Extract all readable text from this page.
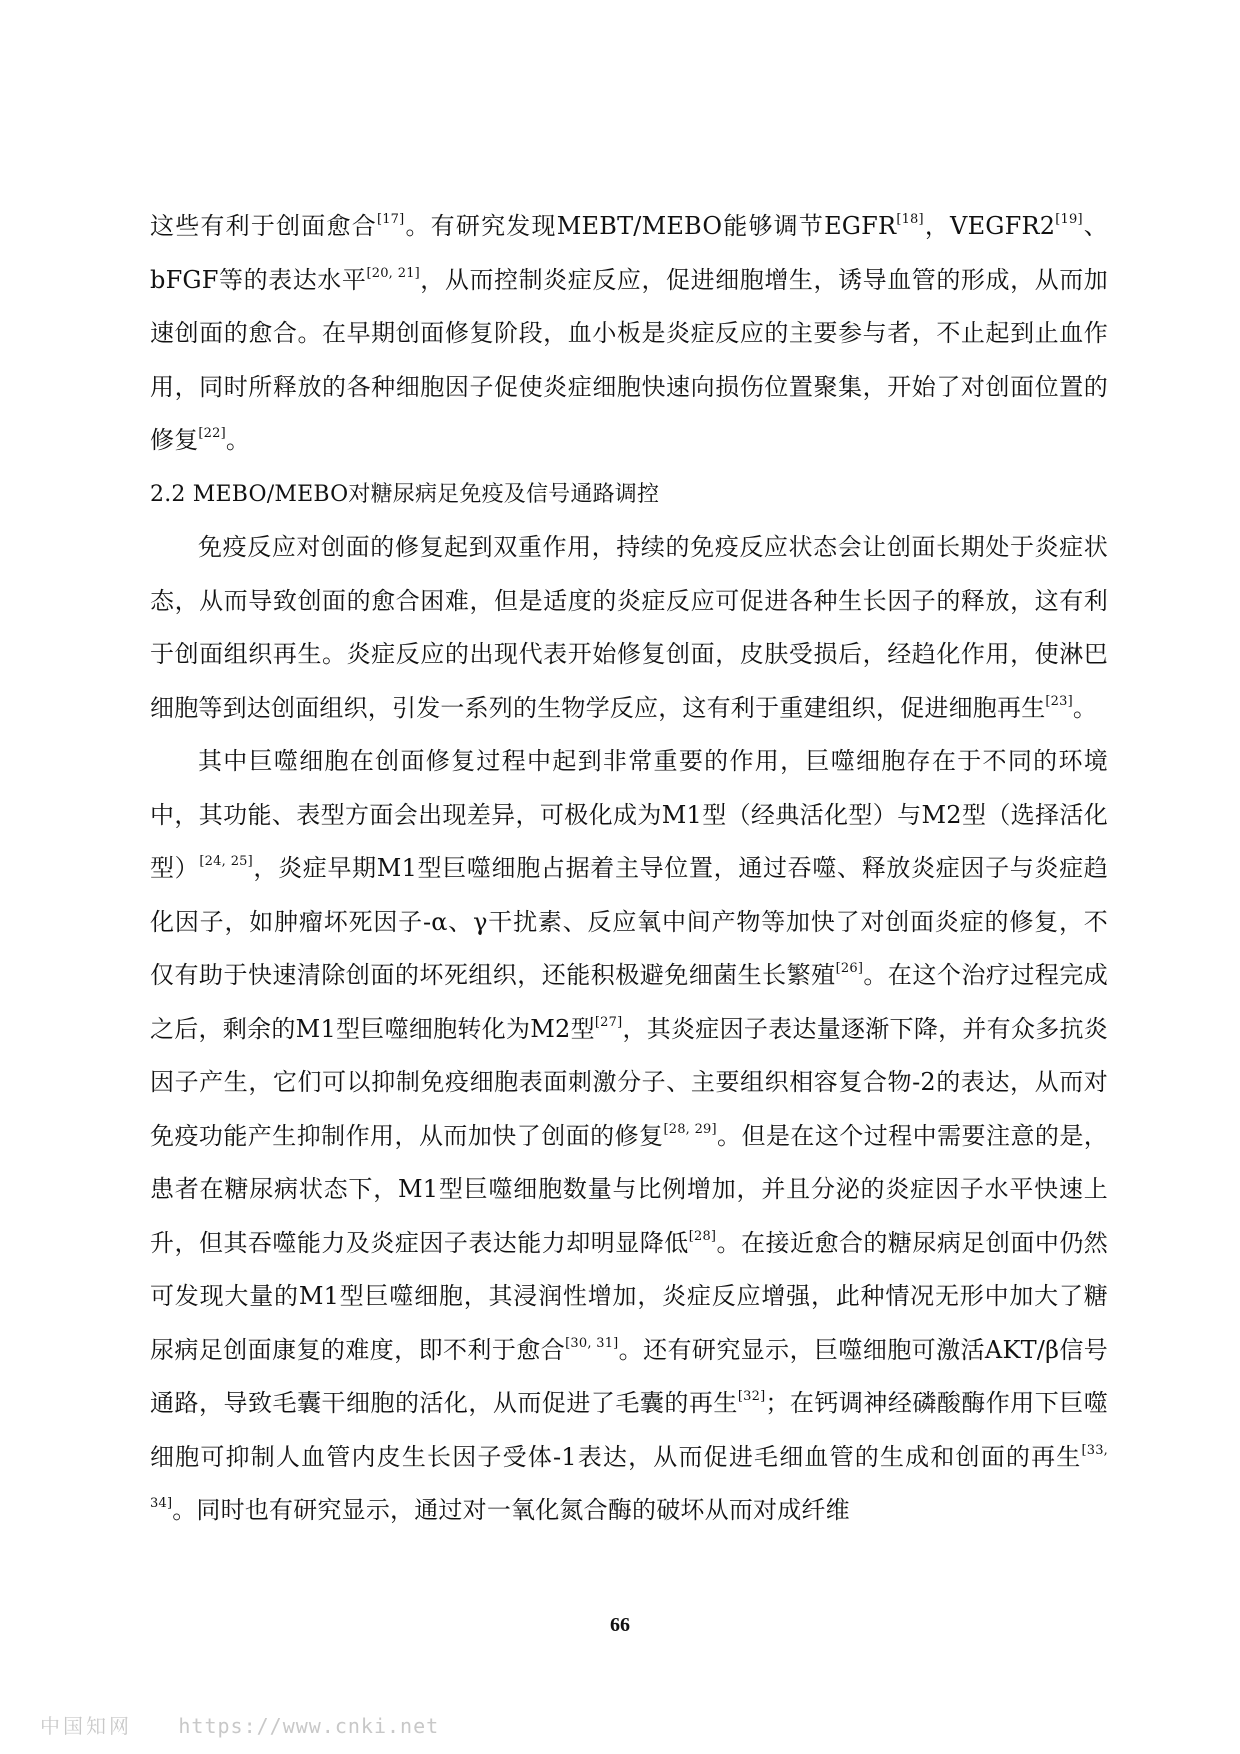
这些有利于创面愈合[17]。有研究发现MEBT/MEBO能够调节EGFR[18]，VEGFR2[19]、bFGF等的表达水平[20, 21]，从而控制炎症反应，促进细胞增生，诱导血管的形成，从而加速创面的愈合。在早期创面修复阶段，血小板是炎症反应的主要参与者，不止起到止血作用，同时所释放的各种细胞因子促使炎症细胞快速向损伤位置聚集，开始了对创面位置的修复[22]。

2.2 MEBO/MEBO对糖尿病足免疫及信号通路调控

免疫反应对创面的修复起到双重作用，持续的免疫反应状态会让创面长期处于炎症状态，从而导致创面的愈合困难，但是适度的炎症反应可促进各种生长因子的释放，这有利于创面组织再生。炎症反应的出现代表开始修复创面，皮肤受损后，经趋化作用，使淋巴细胞等到达创面组织，引发一系列的生物学反应，这有利于重建组织，促进细胞再生[23]。

其中巨噬细胞在创面修复过程中起到非常重要的作用，巨噬细胞存在于不同的环境中，其功能、表型方面会出现差异，可极化成为M1型（经典活化型）与M2型（选择活化型）[24, 25]，炎症早期M1型巨噬细胞占据着主导位置，通过吞噬、释放炎症因子与炎症趋化因子，如肿瘤坏死因子-α、γ干扰素、反应氧中间产物等加快了对创面炎症的修复，不仅有助于快速清除创面的坏死组织，还能积极避免细菌生长繁殖[26]。在这个治疗过程完成之后，剩余的M1型巨噬细胞转化为M2型[27]，其炎症因子表达量逐渐下降，并有众多抗炎因子产生，它们可以抑制免疫细胞表面刺激分子、主要组织相容复合物-2的表达，从而对免疫功能产生抑制作用，从而加快了创面的修复[28, 29]。但是在这个过程中需要注意的是，患者在糖尿病状态下，M1型巨噬细胞数量与比例增加，并且分泌的炎症因子水平快速上升，但其吞噬能力及炎症因子表达能力却明显降低[28]。在接近愈合的糖尿病足创面中仍然可发现大量的M1型巨噬细胞，其浸润性增加，炎症反应增强，此种情况无形中加大了糖尿病足创面康复的难度，即不利于愈合[30, 31]。还有研究显示，巨噬细胞可激活AKT/β信号通路，导致毛囊干细胞的活化，从而促进了毛囊的再生[32]；在钙调神经磷酸酶作用下巨噬细胞可抑制人血管内皮生长因子受体-1表达，从而促进毛细血管的生成和创面的再生[33, 34]。同时也有研究显示，通过对一氧化氮合酶的破坏从而对成纤维

66
中国知网 https://www.cnki.net
